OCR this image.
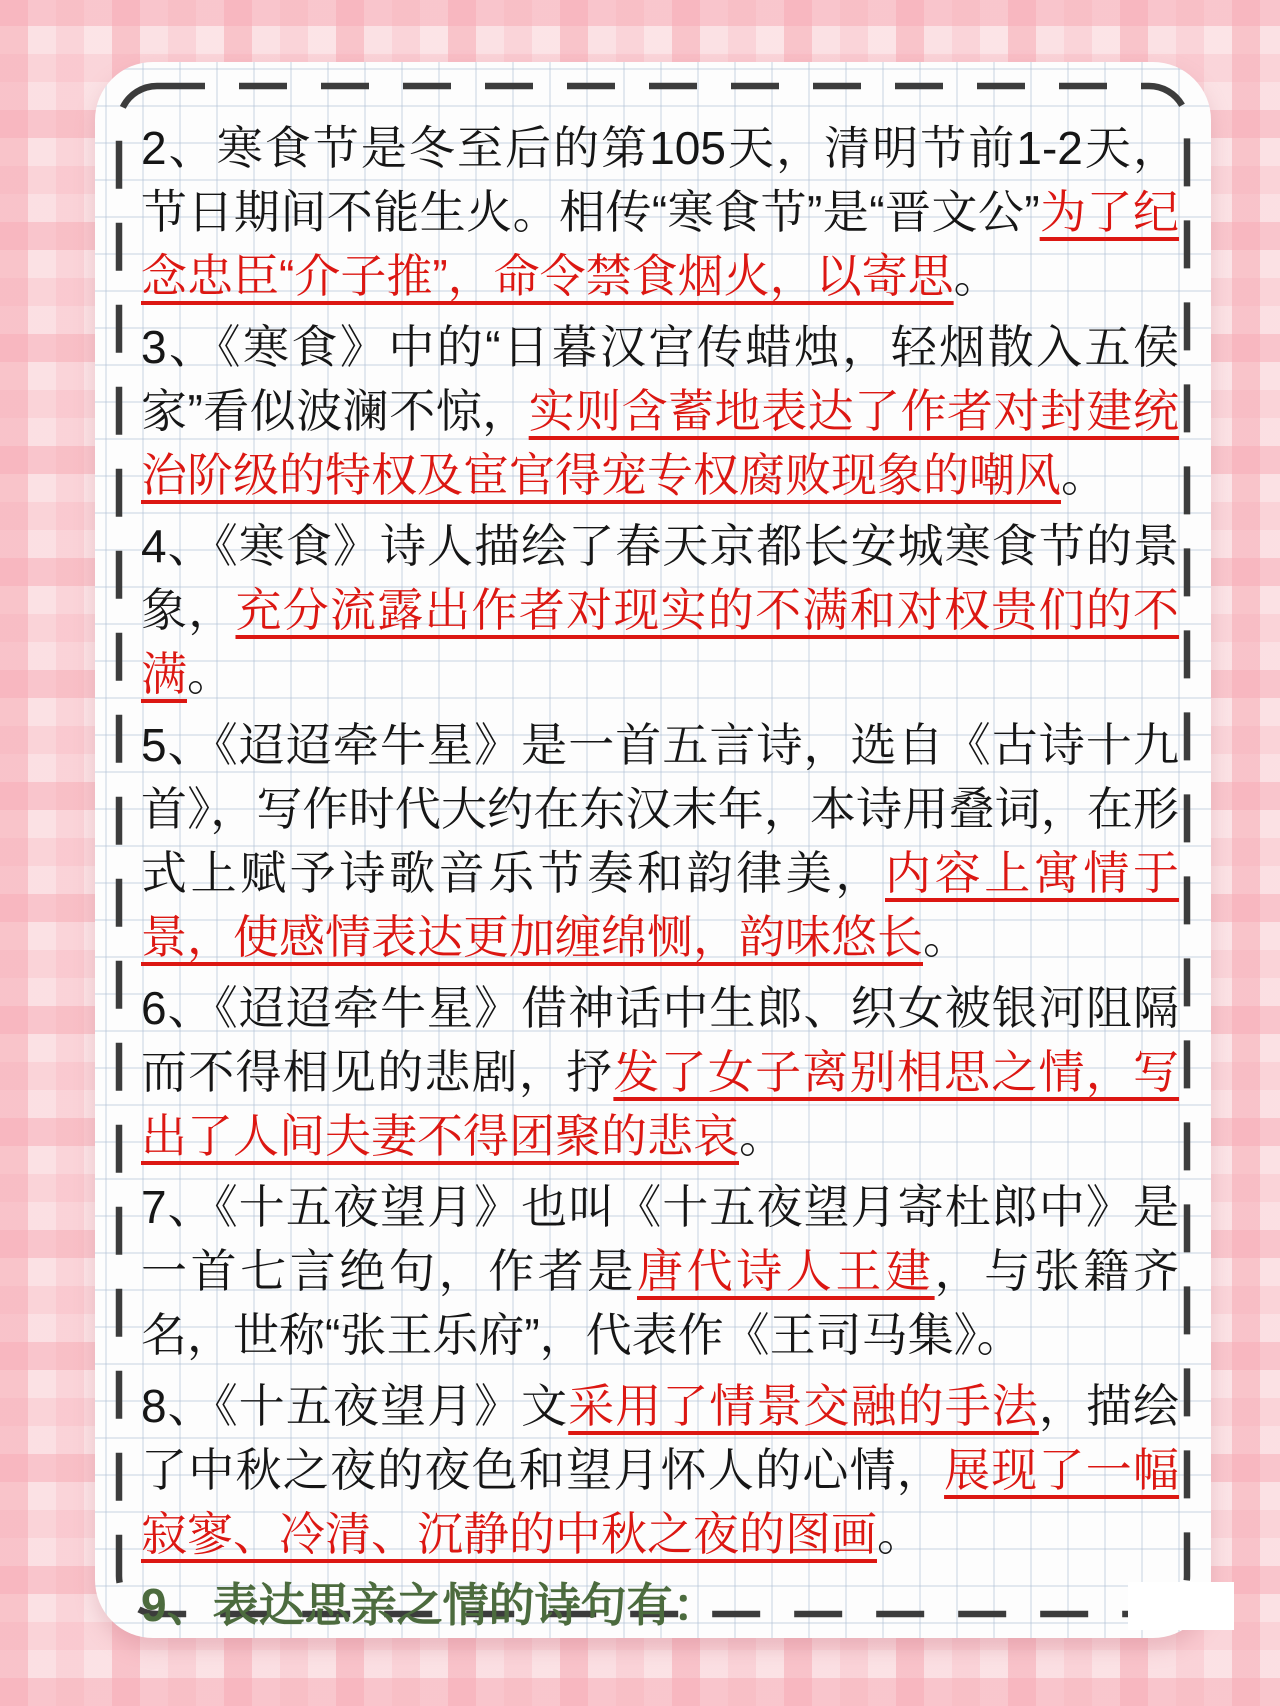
2、寒食节是冬至后的第105天，清明节前1-2天，节日期间不能生火。相传“寒食节”是“晋文公”为了纪念忠臣“介子推”，命令禁食烟火，以寄思。

3、《寒食》中的“日暮汉宫传蜡烛，轻烟散入五侯家”看似波澜不惊，实则含蓄地表达了作者对封建统治阶级的特权及宦官得宠专权腐败现象的嘲风。

4、《寒食》诗人描绘了春天京都长安城寒食节的景象，充分流露出作者对现实的不满和对权贵们的不满。

5、《迢迢牵牛星》是一首五言诗，选自《古诗十九首》，写作时代大约在东汉末年，本诗用叠词，在形式上赋予诗歌音乐节奏和韵律美，内容上寓情于景，使感情表达更加缠绵恻，韵味悠长。

6、《迢迢牵牛星》借神话中生郎、织女被银河阻隔而不得相见的悲剧，抒发了女子离别相思之情，写出了人间夫妻不得团聚的悲哀。

7、《十五夜望月》也叫《十五夜望月寄杜郎中》是一首七言绝句，作者是唐代诗人王建，与张籍齐名，世称“张王乐府”，代表作《王司马集》。

8、《十五夜望月》文采用了情景交融的手法，描绘了中秋之夜的夜色和望月怀人的心情，展现了一幅寂寥、冷清、沉静的中秋之夜的图画。

9、表达思亲之情的诗句有：
